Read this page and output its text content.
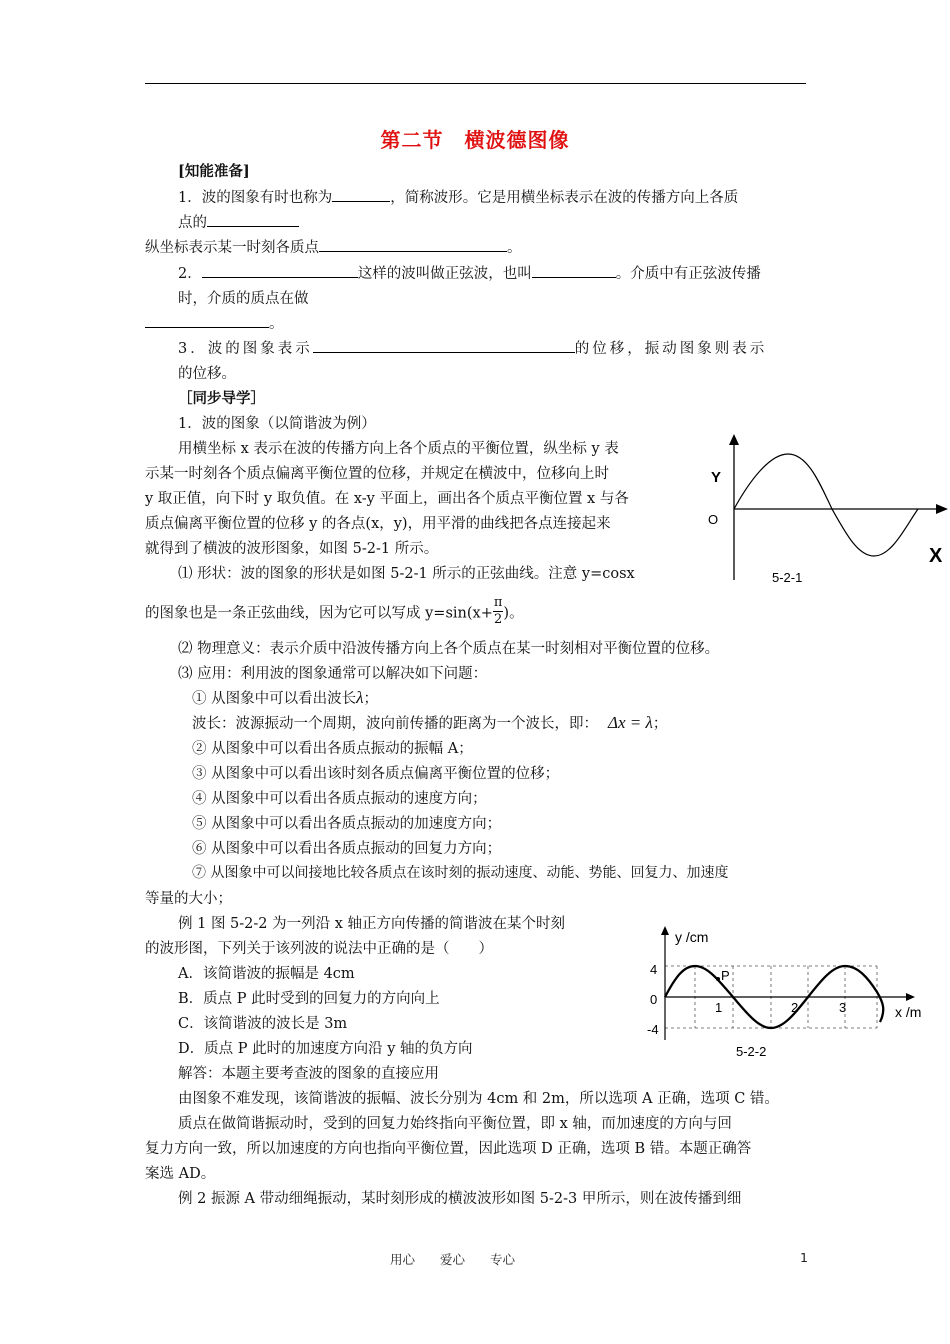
第二节　横波德图像
[知能准备]
1．波的图象有时也称为	，简称波形。它是用横坐标表示在波的传播方向上各质
点的
纵坐标表示某一时刻各质点	。
2．	这样的波叫做正弦波，也叫	。介质中有正弦波传播
时，介质的质点在做
。
3．波的图象表示	的位移，振动图象则表示
的位移。
［同步导学］
1．波的图象（以简谐波为例）
用横坐标 x 表示在波的传播方向上各个质点的平衡位置，纵坐标 y 表
示某一时刻各个质点偏离平衡位置的位移，并规定在横波中，位移向上时
y 取正值，向下时 y 取负值。在 x-y 平面上，画出各个质点平衡位置 x 与各
质点偏离平衡位置的位移 y 的各点(x，y)，用平滑的曲线把各点连接起来
就得到了横波的波形图象，如图 5-2-1 所示。
Y
O
X
5-2-1
⑴ 形状：波的图象的形状是如图 5-2-1 所示的正弦曲线。注意 y=cosx
的图象也是一条正弦曲线，因为它可以写成 $y=\sin(x+ \frac{\pi}{2}$ )。
⑵ 物理意义：表示介质中沿波传播方向上各个质点在某一时刻相对平衡位置的位移。
⑶ 应用：利用波的图象通常可以解决如下问题：
① 从图象中可以看出波长λ；
波长：波源振动一个周期，波向前传播的距离为一个波长，即： Δx = λ；
② 从图象中可以看出各质点振动的振幅 A；
③ 从图象中可以看出该时刻各质点偏离平衡位置的位移；
④ 从图象中可以看出各质点振动的速度方向；
⑤ 从图象中可以看出各质点振动的加速度方向；
⑥ 从图象中可以看出各质点振动的回复力方向；
⑦ 从图象中可以间接地比较各质点在该时刻的振动速度、动能、势能、回复力、加速度
等量的大小；
例 1 图 5-2-2 为一列沿 x 轴正方向传播的简谐波在某个时刻
的波形图，下列关于该列波的说法中正确的是（　　）
A．该简谐波的振幅是 4cm
B．质点 P 此时受到的回复力的方向向上
C．该简谐波的波长是 3m
D．质点 P 此时的加速度方向沿 y 轴的负方向
解答：本题主要考查波的图象的直接应用
由图象不难发现，该简谐波的振幅、波长分别为 4cm 和 2m，所以选项 A 正确，选项 C 错。
质点在做简谐振动时，受到的回复力始终指向平衡位置，即 x 轴，而加速度的方向与回
复力方向一致，所以加速度的方向也指向平衡位置，因此选项 D 正确，选项 B 错。本题正确答
案选 AD。
例 2 振源 A 带动细绳振动，某时刻形成的横波波形如图 5-2-3 甲所示，则在波传播到细
y /cm
x /m
4
0
-4
1	2	3
P
5-2-2
用心　　爱心　　专心	1
